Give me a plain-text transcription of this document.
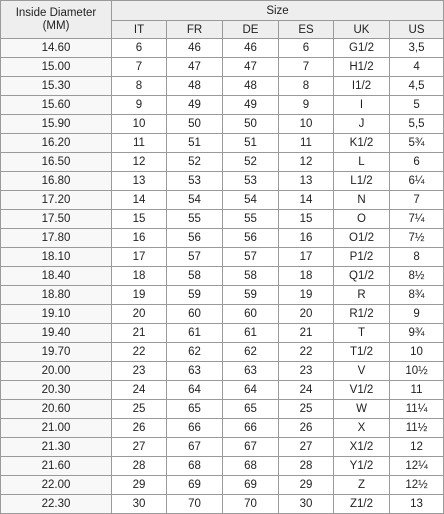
Inside Diameter
(MM)	Size					
	IT	FR	DE	ES	UK	US
14.60	6	46	46	6	G1/2	3,5
15.00	7	47	47	7	H1/2	4
15.30	8	48	48	8	I1/2	4,5
15.60	9	49	49	9	I	5
15.90	10	50	50	10	J	5,5
16.20	11	51	51	11	K1/2	5¾
16.50	12	52	52	12	L	6
16.80	13	53	53	13	L1/2	6¼
17.20	14	54	54	14	N	7
17.50	15	55	55	15	O	7¼
17.80	16	56	56	16	O1/2	7½
18.10	17	57	57	17	P1/2	8
18.40	18	58	58	18	Q1/2	8½
18.80	19	59	59	19	R	8¾
19.10	20	60	60	20	R1/2	9
19.40	21	61	61	21	T	9¾
19.70	22	62	62	22	T1/2	10
20.00	23	63	63	23	V	10½
20.30	24	64	64	24	V1/2	11
20.60	25	65	65	25	W	11¼
21.00	26	66	66	26	X	11½
21.30	27	67	67	27	X1/2	12
21.60	28	68	68	28	Y1/2	12¼
22.00	29	69	69	29	Z	12½
22.30	30	70	70	30	Z1/2	13
